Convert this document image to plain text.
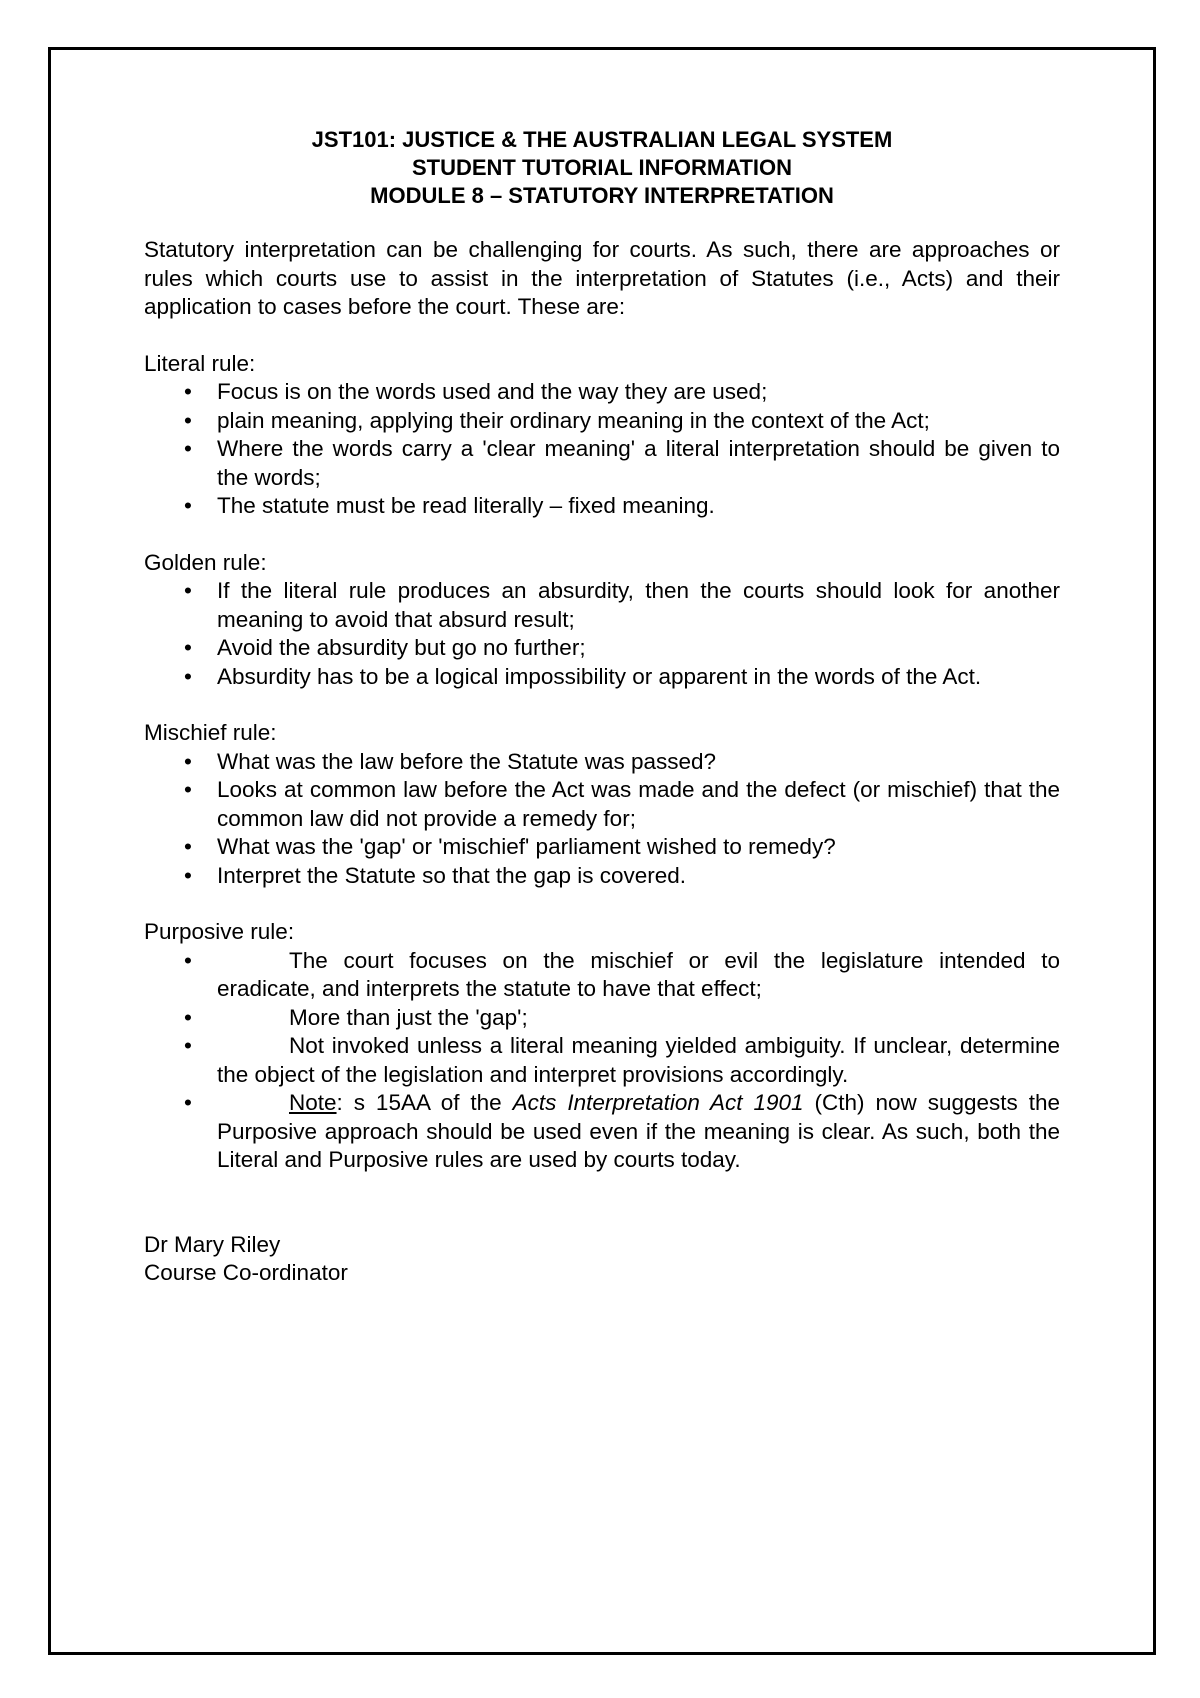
JST101: JUSTICE & THE AUSTRALIAN LEGAL SYSTEM
STUDENT TUTORIAL INFORMATION
MODULE 8 – STATUTORY INTERPRETATION
Statutory interpretation can be challenging for courts. As such, there are approaches or rules which courts use to assist in the interpretation of Statutes (i.e., Acts) and their application to cases before the court. These are:
Literal rule:
• Focus is on the words used and the way they are used;
• plain meaning, applying their ordinary meaning in the context of the Act;
• Where the words carry a 'clear meaning' a literal interpretation should be given to the words;
• The statute must be read literally – fixed meaning.
Golden rule:
• If the literal rule produces an absurdity, then the courts should look for another meaning to avoid that absurd result;
• Avoid the absurdity but go no further;
• Absurdity has to be a logical impossibility or apparent in the words of the Act.
Mischief rule:
• What was the law before the Statute was passed?
• Looks at common law before the Act was made and the defect (or mischief) that the common law did not provide a remedy for;
• What was the 'gap' or 'mischief' parliament wished to remedy?
• Interpret the Statute so that the gap is covered.
Purposive rule:
•	The court focuses on the mischief or evil the legislature intended to eradicate, and interprets the statute to have that effect;
•	More than just the 'gap';
•	Not invoked unless a literal meaning yielded ambiguity. If unclear, determine the object of the legislation and interpret provisions accordingly.
•	Note: s 15AA of the Acts Interpretation Act 1901 (Cth) now suggests the Purposive approach should be used even if the meaning is clear. As such, both the Literal and Purposive rules are used by courts today.
Dr Mary Riley
Course Co-ordinator
